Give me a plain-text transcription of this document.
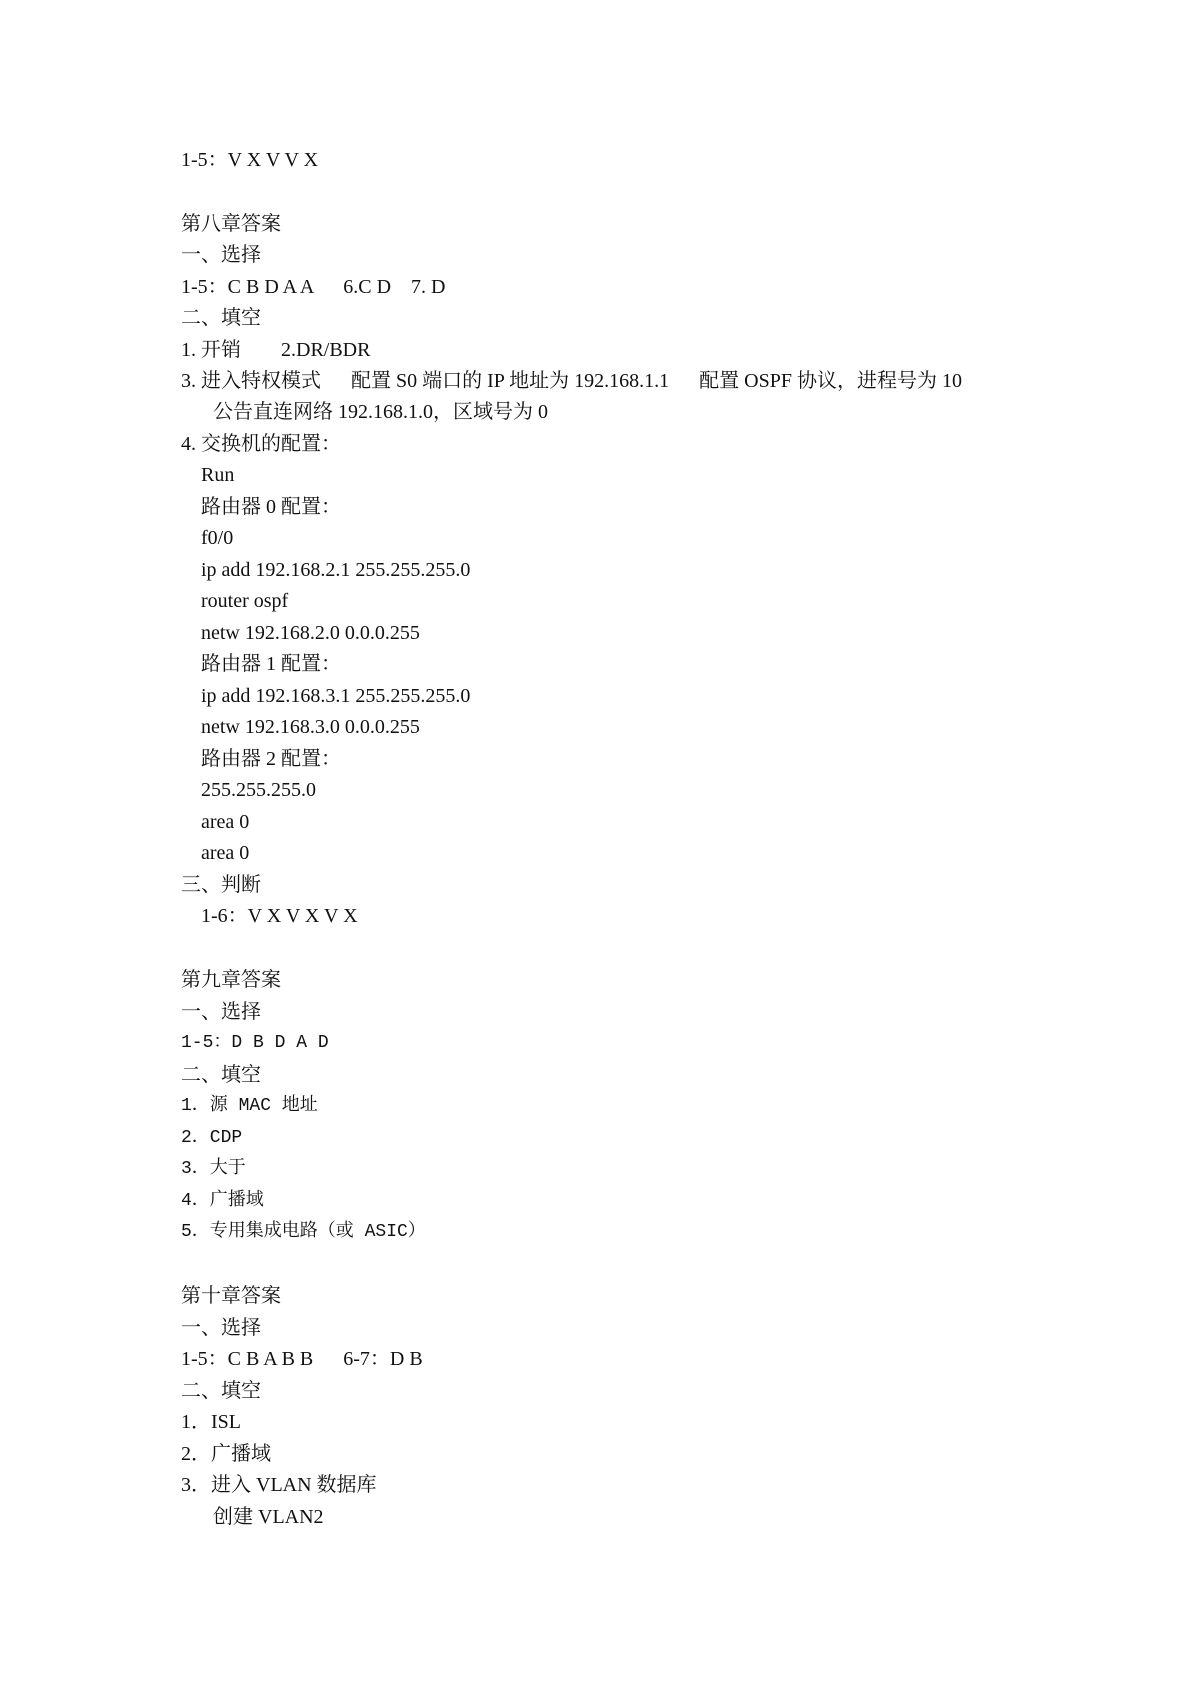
1-5：V X V V X
第八章答案
一、选择
1-5：C B D A A      6.C D    7. D
二、填空
1. 开销        2.DR/BDR
3. 进入特权模式      配置 S0 端口的 IP 地址为 192.168.1.1      配置 OSPF 协议，进程号为 10
公告直连网络 192.168.1.0，区域号为 0
4. 交换机的配置：
Run
路由器 0 配置：
f0/0
ip add 192.168.2.1 255.255.255.0
router ospf
netw 192.168.2.0 0.0.0.255
路由器 1 配置：
ip add 192.168.3.1 255.255.255.0
netw 192.168.3.0 0.0.0.255
路由器 2 配置：
255.255.255.0
area 0
area 0
三、判断
1-6：V X V X V X
第九章答案
一、选择
1-5：D B D A D
二、填空
1．源 MAC 地址
2．CDP
3．大于
4．广播域
5．专用集成电路（或 ASIC）
第十章答案
一、选择
1-5：C B A B B      6-7：D B
二、填空
1．ISL
2．广播域
3．进入 VLAN 数据库
创建 VLAN2
